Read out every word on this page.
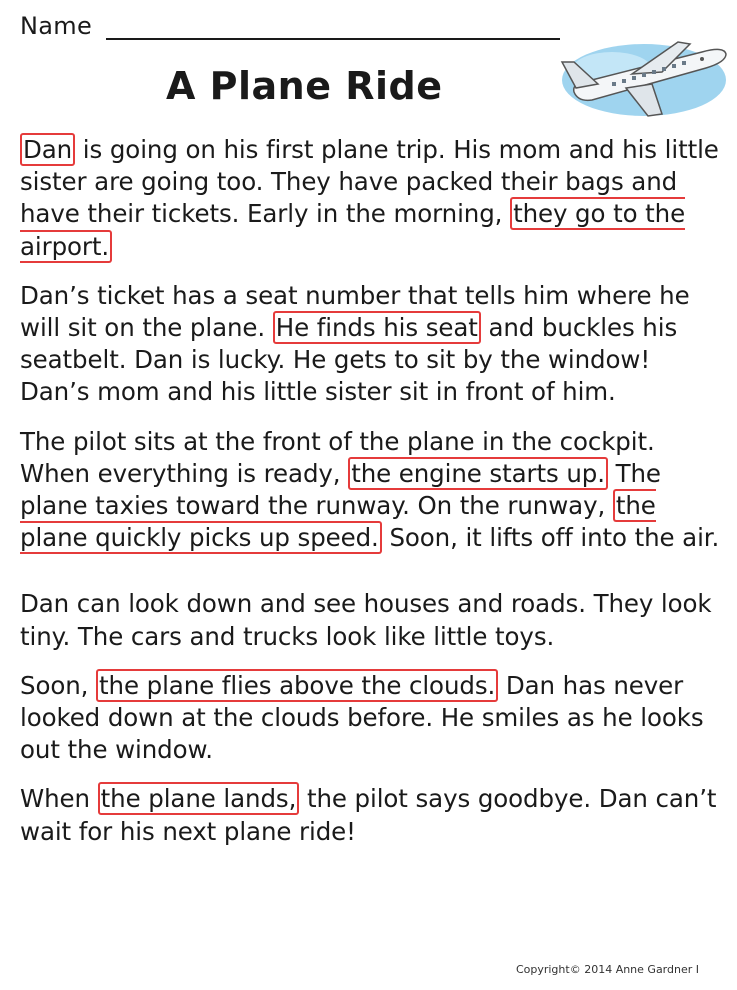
Name
A Plane Ride

Dan is going on his first plane trip. His mom and his little sister are going too. They have packed their bags and have their tickets. Early in the morning, they go to the airport.

Dan’s ticket has a seat number that tells him where he will sit on the plane. He finds his seat and buckles his seatbelt. Dan is lucky. He gets to sit by the window! Dan’s mom and his little sister sit in front of him.

The pilot sits at the front of the plane in the cockpit. When everything is ready, the engine starts up. The plane taxies toward the runway. On the runway, the plane quickly picks up speed. Soon, it lifts off into the air.

Dan can look down and see houses and roads. They look tiny. The cars and trucks look like little toys.

Soon, the plane flies above the clouds. Dan has never looked down at the clouds before. He smiles as he looks out the window.

When the plane lands, the pilot says goodbye. Dan can’t wait for his next plane ride!

Copyright© 2014 Anne Gardner I
